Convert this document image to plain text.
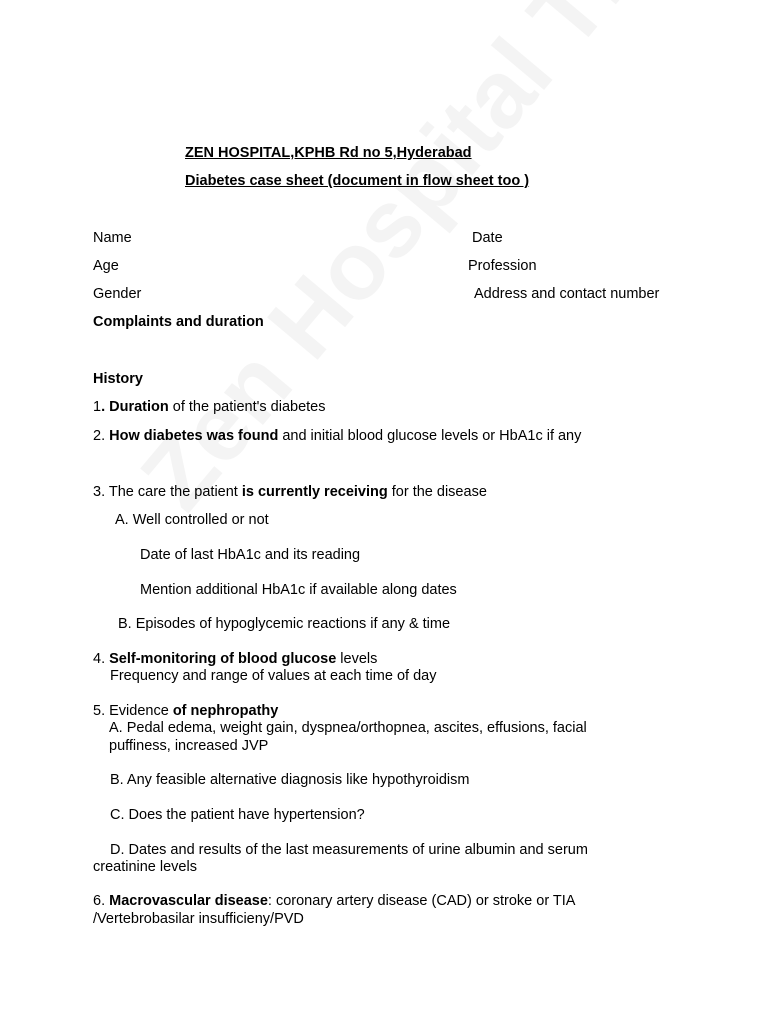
ZEN HOSPITAL,KPHB Rd no 5,Hyderabad
Diabetes case sheet (document in flow sheet too )
Name	Date
Age	Profession
Gender	Address and contact number
Complaints and duration
History
1. Duration of the patient's diabetes
2. How diabetes was found and initial blood glucose levels or HbA1c if any
3. The care the patient is currently receiving for the disease
A. Well controlled or not
Date of last HbA1c and its reading
Mention additional HbA1c if available along dates
B. Episodes of hypoglycemic reactions if any & time
4. Self-monitoring of blood glucose levels
Frequency and range of values at each time of day
5. Evidence of nephropathy
A. Pedal edema, weight gain, dyspnea/orthopnea, ascites, effusions, facial
puffiness, increased JVP
B. Any feasible alternative diagnosis like hypothyroidism
C. Does the patient have hypertension?
D. Dates and results of the last measurements of urine albumin and serum
creatinine levels
6. Macrovascular disease: coronary artery disease (CAD) or stroke or TIA
/Vertebrobasilar insufficieny/PVD
